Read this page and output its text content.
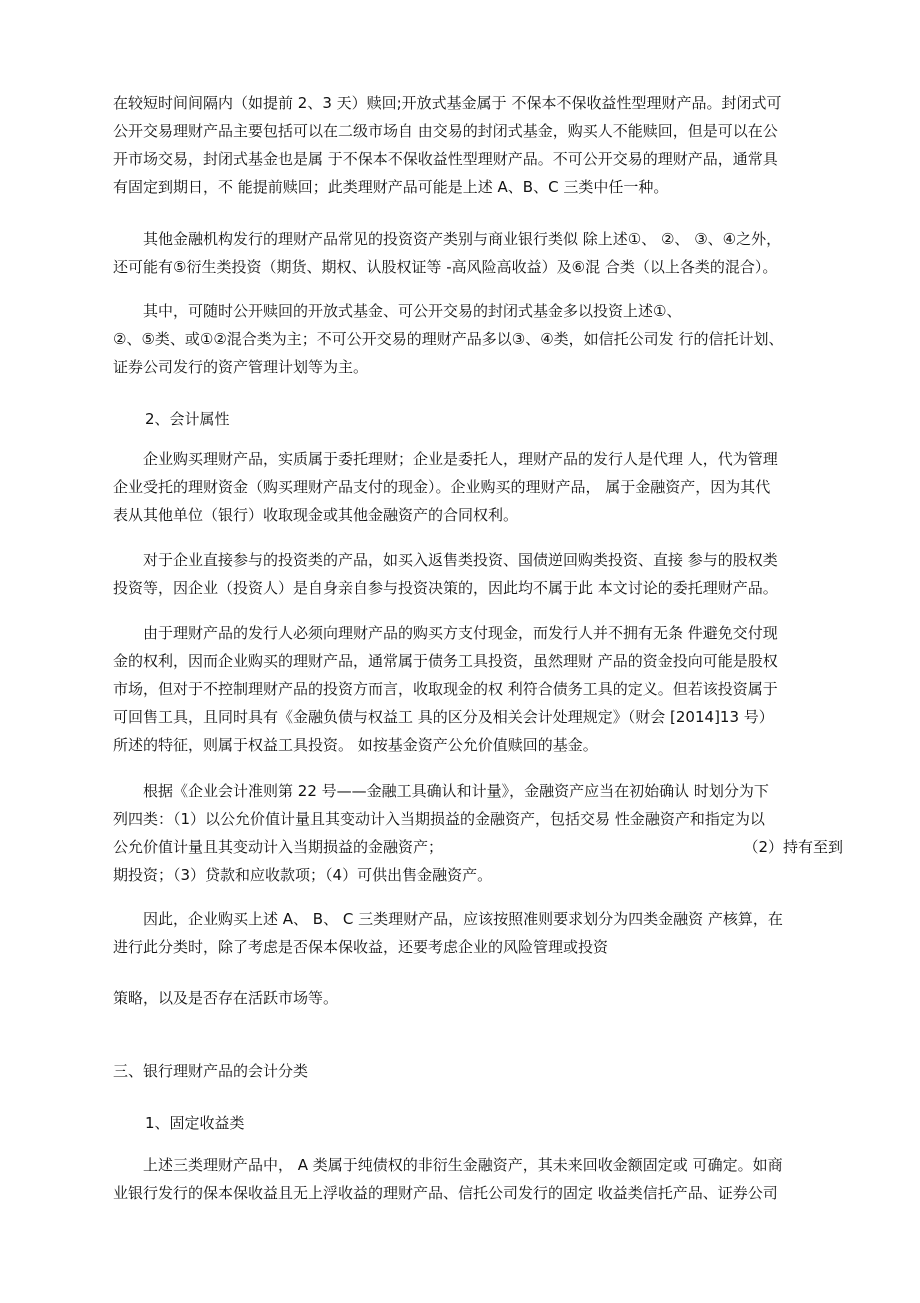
在较短时间间隔内（如提前 2、3 天）赎回;开放式基金属于 不保本不保收益性型理财产品。封闭式可
公开交易理财产品主要包括可以在二级市场自 由交易的封闭式基金，购买人不能赎回，但是可以在公
开市场交易，封闭式基金也是属 于不保本不保收益性型理财产品。不可公开交易的理财产品，通常具
有固定到期日，不 能提前赎回；此类理财产品可能是上述 A、B、C 三类中任一种。
其他金融机构发行的理财产品常见的投资资产类别与商业银行类似 除上述①、 ②、 ③、④之外，
还可能有⑤衍生类投资（期货、期权、认股权证等 -高风险高收益）及⑥混 合类（以上各类的混合）。
其中，可随时公开赎回的开放式基金、可公开交易的封闭式基金多以投资上述①、
②、⑤类、或①②混合类为主；不可公开交易的理财产品多以③、④类，如信托公司发 行的信托计划、
证券公司发行的资产管理计划等为主。
2、会计属性
企业购买理财产品，实质属于委托理财；企业是委托人，理财产品的发行人是代理 人，代为管理
企业受托的理财资金（购买理财产品支付的现金）。企业购买的理财产品， 属于金融资产，因为其代
表从其他单位（银行）收取现金或其他金融资产的合同权利。
对于企业直接参与的投资类的产品，如买入返售类投资、国债逆回购类投资、直接 参与的股权类
投资等，因企业（投资人）是自身亲自参与投资决策的，因此均不属于此 本文讨论的委托理财产品。
由于理财产品的发行人必须向理财产品的购买方支付现金，而发行人并不拥有无条 件避免交付现
金的权利，因而企业购买的理财产品，通常属于债务工具投资，虽然理财 产品的资金投向可能是股权
市场，但对于不控制理财产品的投资方而言，收取现金的权 利符合债务工具的定义。但若该投资属于
可回售工具，且同时具有《金融负债与权益工 具的区分及相关会计处理规定》（财会 [2014]13 号）
所述的特征，则属于权益工具投资。 如按基金资产公允价值赎回的基金。
根据《企业会计准则第 22 号——金融工具确认和计量》，金融资产应当在初始确认 时划分为下
列四类：（1）以公允价值计量且其变动计入当期损益的金融资产，包括交易 性金融资产和指定为以
公允价值计量且其变动计入当期损益的金融资产；	（2）持有至到
期投资；（3）贷款和应收款项；（4）可供出售金融资产。
因此，企业购买上述 A、 B、 C 三类理财产品，应该按照准则要求划分为四类金融资 产核算，在
进行此分类时，除了考虑是否保本保收益，还要考虑企业的风险管理或投资
策略，以及是否存在活跃市场等。
三、银行理财产品的会计分类
1、固定收益类
上述三类理财产品中， A 类属于纯债权的非衍生金融资产，其未来回收金额固定或 可确定。如商
业银行发行的保本保收益且无上浮收益的理财产品、信托公司发行的固定 收益类信托产品、证券公司
